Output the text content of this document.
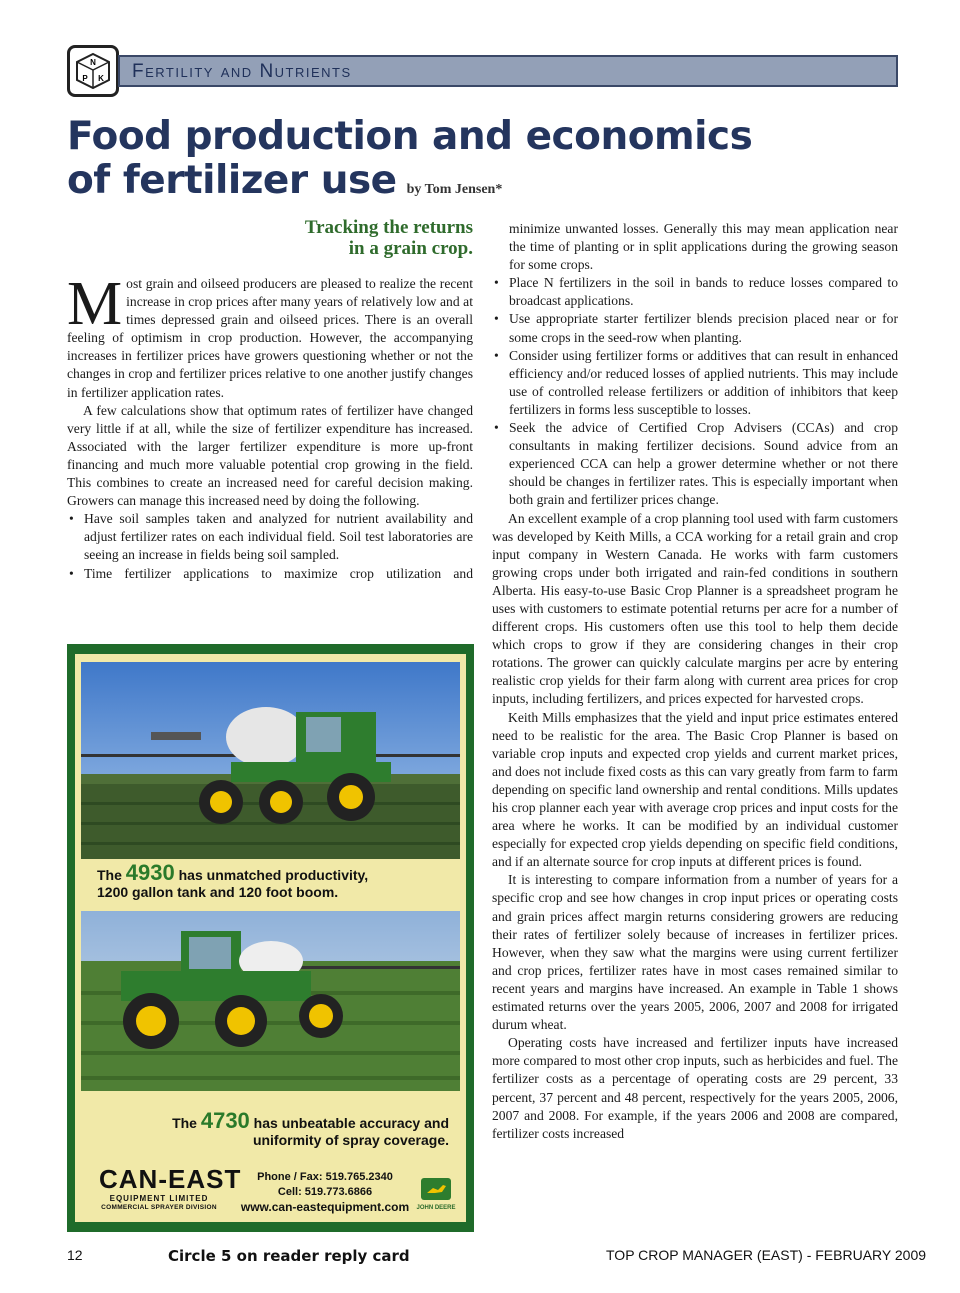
N
P K Fertility and Nutrients
Food production and economics
of fertilizer use by Tom Jensen*
Tracking the returns
in a grain crop.

Most grain and oilseed producers are pleased to realize the recent increase in crop prices after many years of relatively low and at times depressed grain and oilseed prices. There is an overall feeling of optimism in crop production. However, the accompanying increases in fertilizer prices have growers questioning whether or not the changes in crop and fertilizer prices relative to one another justify changes in fertilizer application rates.

A few calculations show that optimum rates of fertilizer have changed very little if at all, while the size of fertilizer expenditure has increased. Associated with the larger fertilizer expenditure is more up-front financing and much more valuable potential crop growing in the field. This combines to create an increased need for careful decision making. Growers can manage this increased need by doing the following.

• Have soil samples taken and analyzed for nutrient availability and adjust fertilizer rates on each individual field. Soil test laboratories are seeing an increase in fields being soil sampled.
• Time fertilizer applications to maximize crop utilization and
minimize unwanted losses. Generally this may mean application near the time of planting or in split applications during the growing season for some crops.
• Place N fertilizers in the soil in bands to reduce losses compared to broadcast applications.
• Use appropriate starter fertilizer blends precision placed near or for some crops in the seed-row when planting.
• Consider using fertilizer forms or additives that can result in enhanced efficiency and/or reduced losses of applied nutrients. This may include use of controlled release fertilizers or addition of inhibitors that keep fertilizers in forms less susceptible to losses.
• Seek the advice of Certified Crop Advisers (CCAs) and crop consultants in making fertilizer decisions. Sound advice from an experienced CCA can help a grower determine whether or not there should be changes in fertilizer rates. This is especially important when both grain and fertilizer prices change.

An excellent example of a crop planning tool used with farm customers was developed by Keith Mills, a CCA working for a retail grain and crop input company in Western Canada. He works with farm customers growing crops under both irrigated and rain-fed conditions in southern Alberta. His easy-to-use Basic Crop Planner is a spreadsheet program he uses with customers to estimate potential returns per acre for a number of different crops. His customers often use this tool to help them decide which crops to grow if they are considering changes in their crop rotations. The grower can quickly calculate margins per acre by entering realistic crop yields for their farm along with current area prices for crop inputs, including fertilizers, and prices expected for harvested crops.

Keith Mills emphasizes that the yield and input price estimates entered need to be realistic for the area. The Basic Crop Planner is based on variable crop inputs and expected crop yields and current market prices, and does not include fixed costs as this can vary greatly from farm to farm depending on specific land ownership and rental conditions. Mills updates his crop planner each year with average crop prices and input costs for the area where he works. It can be modified by an individual customer especially for expected crop yields depending on specific field conditions, and if an alternate source for crop inputs at different prices is found.

It is interesting to compare information from a number of years for a specific crop and see how changes in crop input prices or operating costs and grain prices affect margin returns considering growers are reducing their rates of fertilizer solely because of increases in fertilizer prices. However, when they saw what the margins were using current fertilizer and crop prices, fertilizer rates have in most cases remained similar to recent years and margins have increased. An example in Table 1 shows estimated returns over the years 2005, 2006, 2007 and 2008 for irrigated durum wheat.

Operating costs have increased and fertilizer inputs have increased more compared to most other crop inputs, such as herbicides and fuel. The fertilizer costs as a percentage of operating costs are 29 percent, 33 percent, 37 percent and 48 percent, respectively for the years 2005, 2006, 2007 and 2008. For example, if the years 2006 and 2008 are compared, fertilizer costs increased

The 4930 has unmatched productivity,
1200 gallon tank and 120 foot boom.
The 4730 has unbeatable accuracy and
uniformity of spray coverage.
CAN-EAST
EQUIPMENT LIMITED
COMMERCIAL SPRAYER DIVISION
Phone / Fax: 519.765.2340
Cell: 519.773.6866
www.can-eastequipment.com	JOHN DEERE
12	Circle 5 on reader reply card	TOP CROP MANAGER (EAST) - FEBRUARY 2009
